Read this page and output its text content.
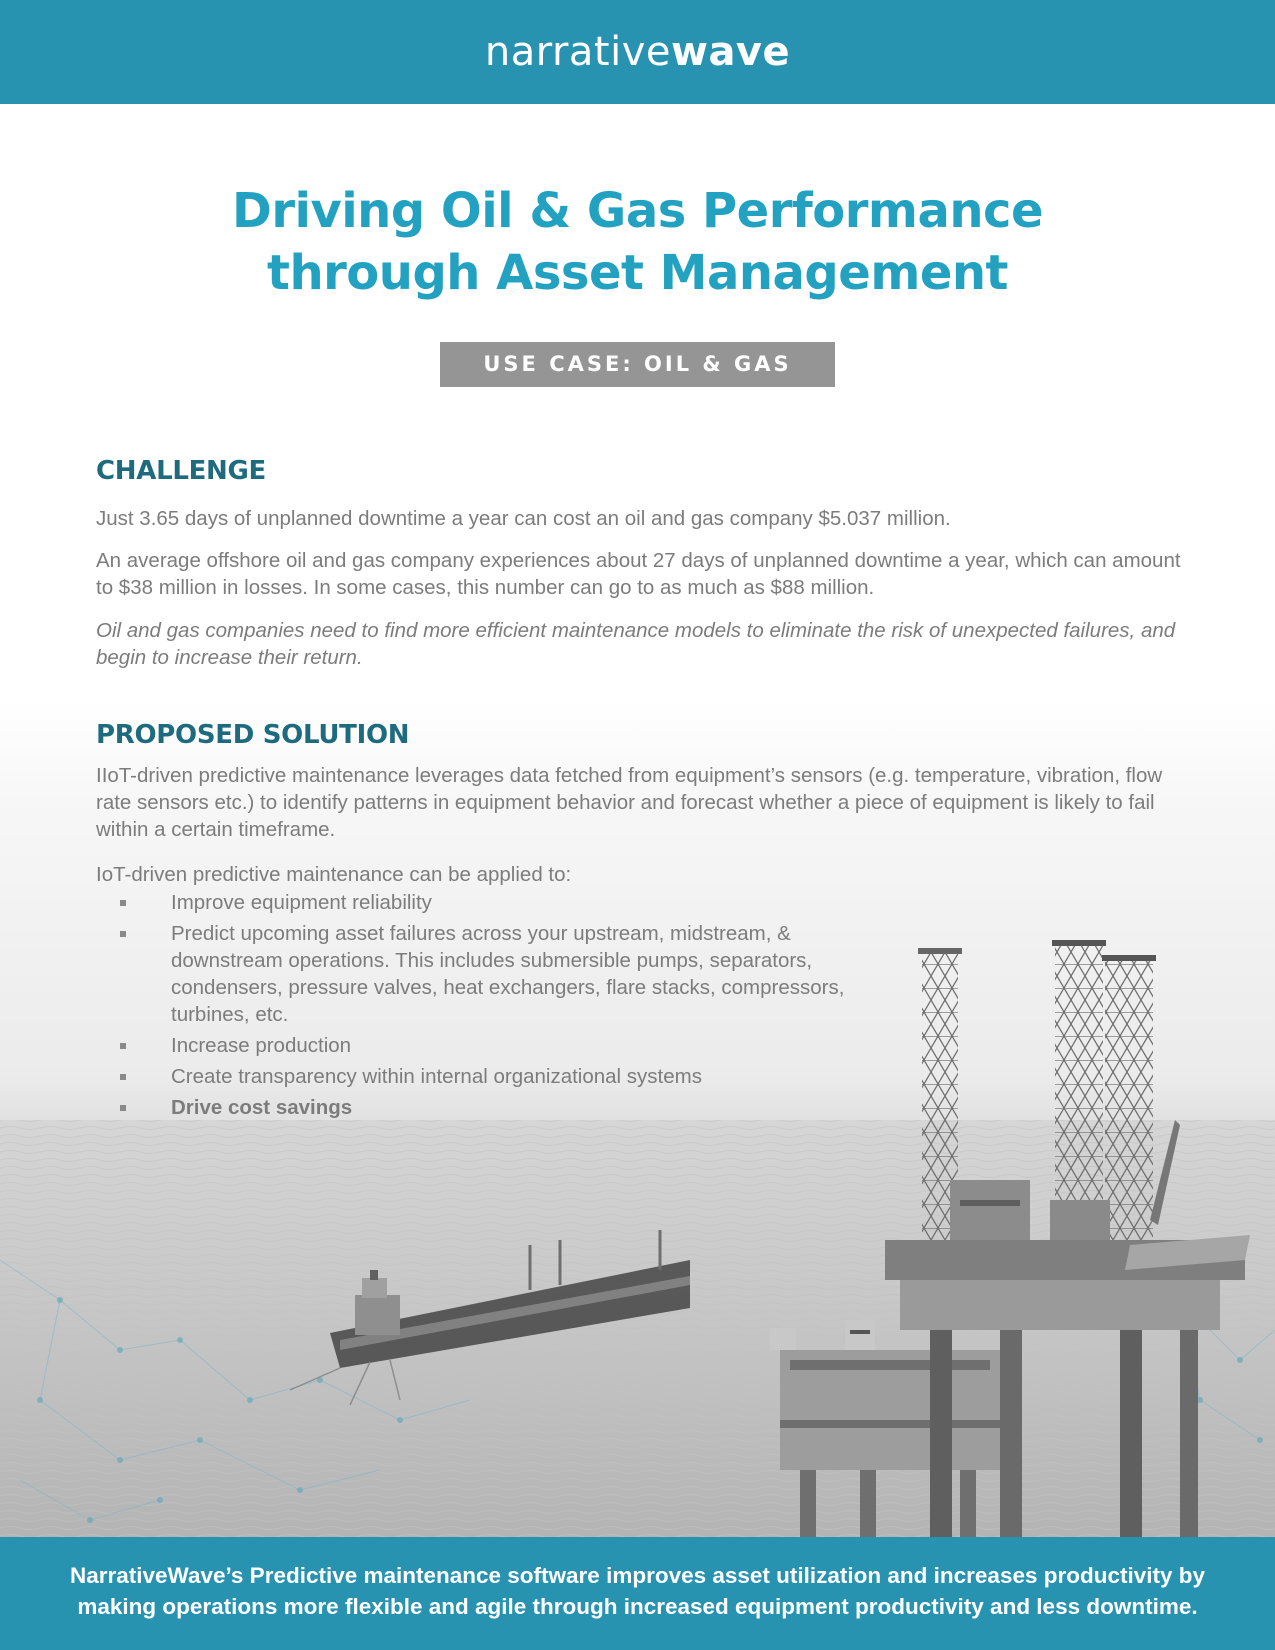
narrativewave
Driving Oil & Gas Performance
through Asset Management
USE CASE: OIL & GAS
CHALLENGE

Just 3.65 days of unplanned downtime a year can cost an oil and gas company $5.037 million.

An average offshore oil and gas company experiences about 27 days of unplanned downtime a year, which can amount to $38 million in losses. In some cases, this number can go to as much as $88 million.

Oil and gas companies need to find more efficient maintenance models to eliminate the risk of unexpected failures, and begin to increase their return.

PROPOSED SOLUTION

IIoT-driven predictive maintenance leverages data fetched from equipment’s sensors (e.g. temperature, vibration, flow rate sensors etc.) to identify patterns in equipment behavior and forecast whether a piece of equipment is likely to fail within a certain timeframe.

IoT-driven predictive maintenance can be applied to:

Improve equipment reliability
Predict upcoming asset failures across your upstream, midstream, & downstream operations. This includes submersible pumps, separators, condensers, pressure valves, heat exchangers, flare stacks, compressors, turbines, etc.
Increase production
Create transparency within internal organizational systems
Drive cost savings

NarrativeWave’s Predictive maintenance software improves asset utilization and increases productivity by making operations more flexible and agile through increased equipment productivity and less downtime.
